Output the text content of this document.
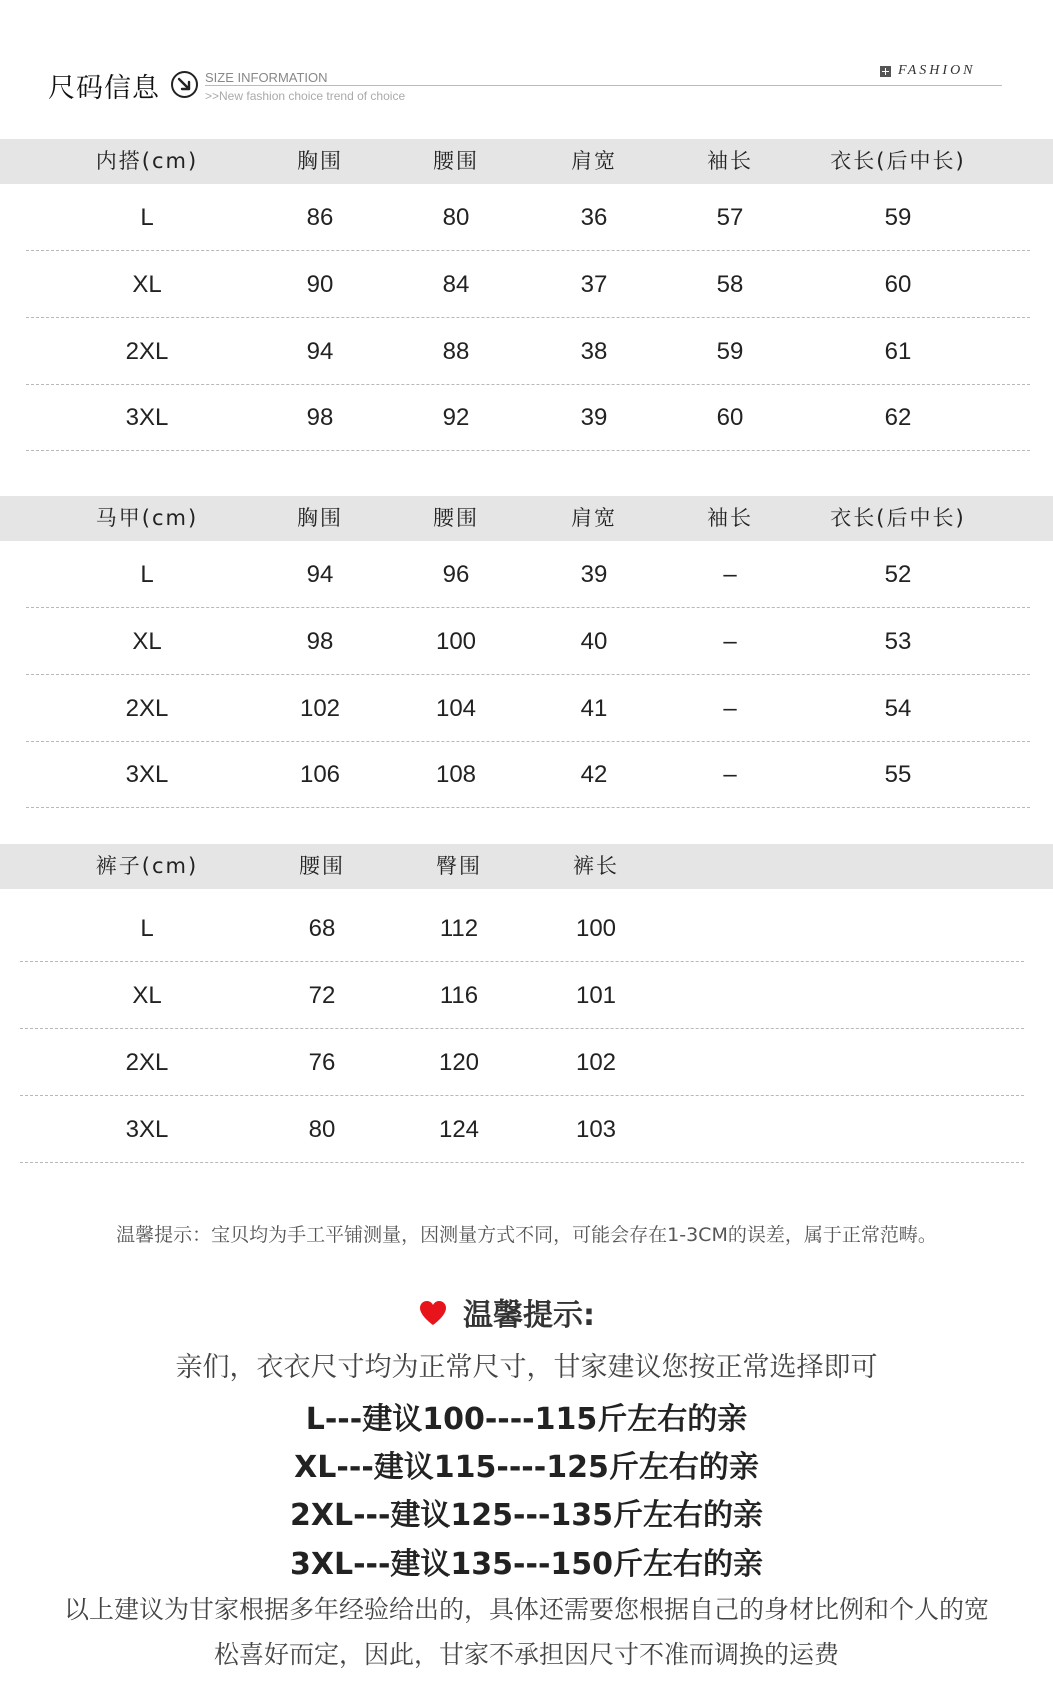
尺码信息	SIZE INFORMATION
>>New fashion choice trend of choice
FASHION
内搭(cm)	胸围	腰围	肩宽	袖长	衣长(后中长)
L	86	80	36	57	59
XL	90	84	37	58	60
2XL	94	88	38	59	61
3XL	98	92	39	60	62
马甲(cm)	胸围	腰围	肩宽	袖长	衣长(后中长)
L	94	96	39	–	52
XL	98	100	40	–	53
2XL	102	104	41	–	54
3XL	106	108	42	–	55
裤子(cm)	腰围	臀围	裤长
L	68	112	100
XL	72	116	101
2XL	76	120	102
3XL	80	124	103
温馨提示：宝贝均为手工平铺测量，因测量方式不同，可能会存在1-3CM的误差，属于正常范畴。
温馨提示:
亲们，衣衣尺寸均为正常尺寸，甘家建议您按正常选择即可
L---建议100----115斤左右的亲
XL---建议115----125斤左右的亲
2XL---建议125---135斤左右的亲
3XL---建议135---150斤左右的亲
以上建议为甘家根据多年经验给出的，具体还需要您根据自己的身材比例和个人的宽
松喜好而定，因此，甘家不承担因尺寸不准而调换的运费
